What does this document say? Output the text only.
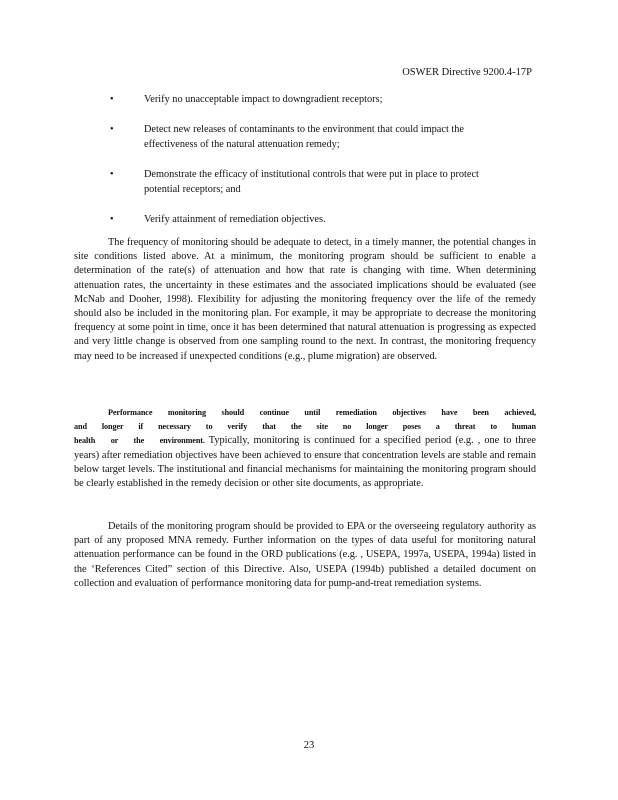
OSWER Directive 9200.4-17P
•	Verify no unacceptable impact to downgradient receptors;
•	Detect new releases of contaminants to the environment that could impact the effectiveness of the natural attenuation remedy;
•	Demonstrate the efficacy of institutional controls that were put in place to protect potential receptors; and
•	Verify attainment of remediation objectives.
The frequency of monitoring should be adequate to detect, in a timely manner, the potential changes in site conditions listed above. At a minimum, the monitoring program should be sufficient to enable a determination of the rate(s) of attenuation and how that rate is changing with time. When determining attenuation rates, the uncertainty in these estimates and the associated implications should be evaluated (see McNab and Dooher, 1998). Flexibility for adjusting the monitoring frequency over the life of the remedy should also be included in the monitoring plan. For example, it may be appropriate to decrease the monitoring frequency at some point in time, once it has been determined that natural attenuation is progressing as expected and very little change is observed from one sampling round to the next. In contrast, the monitoring frequency may need to be increased if unexpected conditions (e.g., plume migration) are observed.
Performance monitoring should continue until remediation objectives have been achieved, and longer if necessary to verify that the site no longer poses a threat to human health or the environment. Typically, monitoring is continued for a specified period (e.g. , one to three years) after remediation objectives have been achieved to ensure that concentration levels are stable and remain below target levels. The institutional and financial mechanisms for maintaining the monitoring program should be clearly established in the remedy decision or other site documents, as appropriate.
Details of the monitoring program should be provided to EPA or the overseeing regulatory authority as part of any proposed MNA remedy. Further information on the types of data useful for monitoring natural attenuation performance can be found in the ORD publications (e.g. , USEPA, 1997a, USEPA, 1994a) listed in the ‘References Cited” section of this Directive. Also, USEPA (1994b) published a detailed document on collection and evaluation of performance monitoring data for pump-and-treat remediation systems.
23
